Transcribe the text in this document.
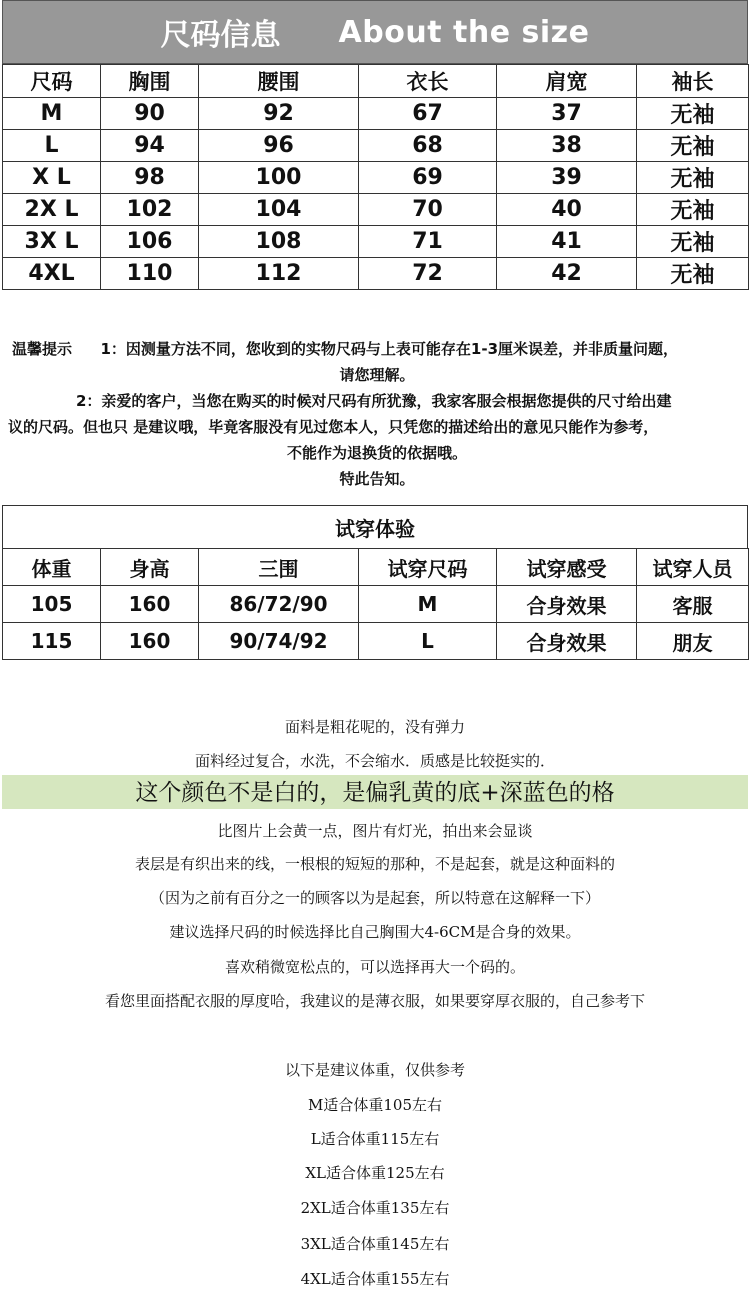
尺码信息 About the size
尺码	胸围	腰围	衣长	肩宽	袖长
M	90	92	67	37	无袖
L	94	96	68	38	无袖
X L	98	100	69	39	无袖
2X L	102	104	70	40	无袖
3X L	106	108	71	41	无袖
4XL	110	112	72	42	无袖
温馨提示 1：因测量方法不同，您收到的实物尺码与上表可能存在1-3厘米误差，并非质量问题，
请您理解。
2：亲爱的客户，当您在购买的时候对尺码有所犹豫，我家客服会根据您提供的尺寸给出建
议的尺码。但也只 是建议哦，毕竟客服没有见过您本人，只凭您的描述给出的意见只能作为参考，
不能作为退换货的依据哦。
特此告知。
试穿体验
体重	身高	三围	试穿尺码	试穿感受	试穿人员
105	160	86/72/90	M	合身效果	客服
115	160	90/74/92	L	合身效果	朋友
面料是粗花呢的，没有弹力
面料经过复合，水洗，不会缩水．质感是比较挺实的．
比图片上会黄一点，图片有灯光，拍出来会显谈
表层是有织出来的线，一根根的短短的那种，不是起套，就是这种面料的
（因为之前有百分之一的顾客以为是起套，所以特意在这解释一下）
建议选择尺码的时候选择比自己胸围大4-6CM是合身的效果。
喜欢稍微宽松点的，可以选择再大一个码的。
看您里面搭配衣服的厚度哈，我建议的是薄衣服，如果要穿厚衣服的，自己参考下
以下是建议体重，仅供参考
M适合体重105左右
L适合体重115左右
XL适合体重125左右
2XL适合体重135左右
3XL适合体重145左右
4XL适合体重155左右
这个颜色不是白的，是偏乳黄的底+深蓝色的格
